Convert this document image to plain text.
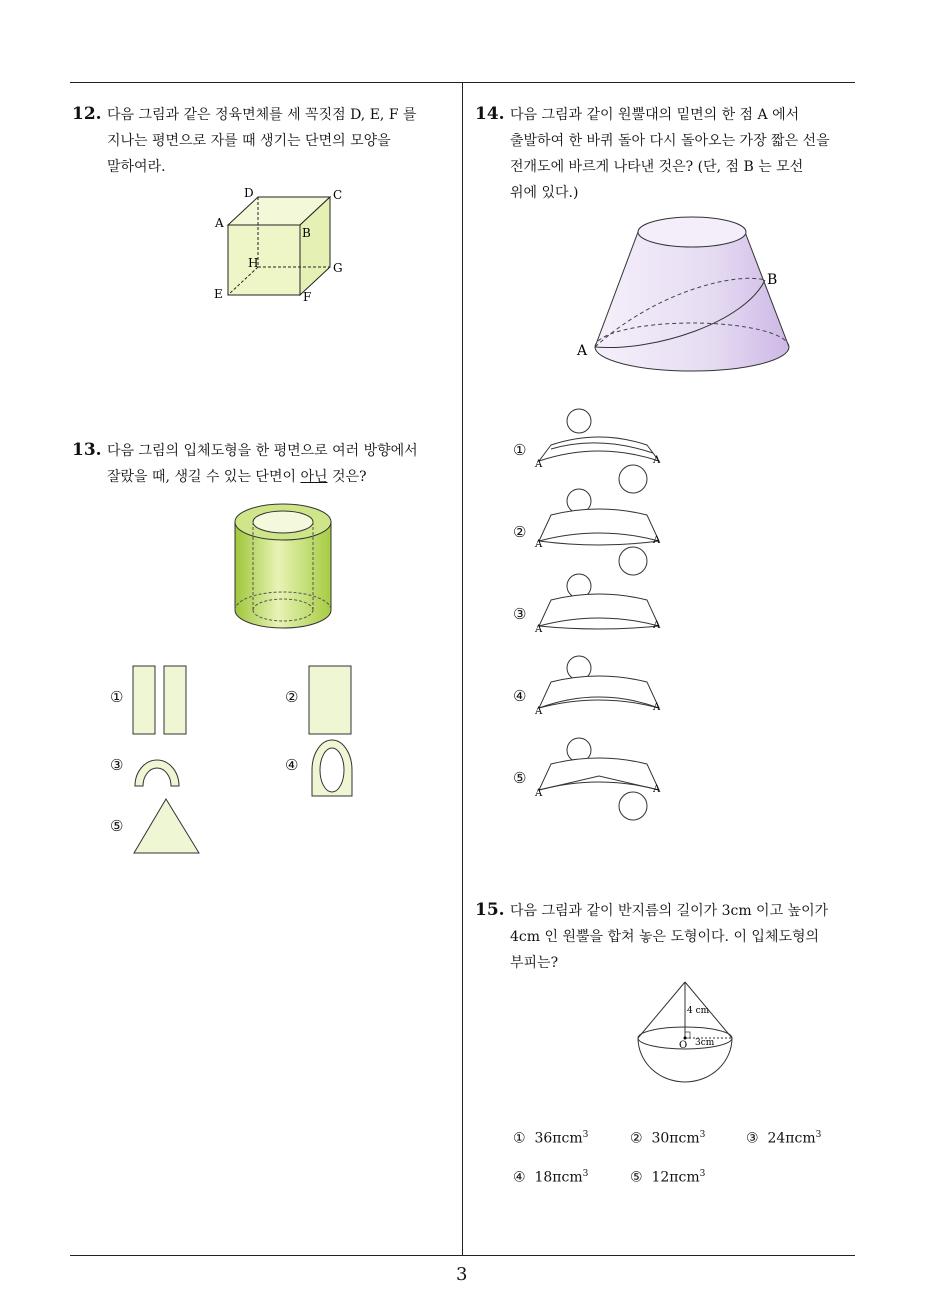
3
12. 다음 그림과 같은 정육면체를 세 꼭짓점 D, E, F 를
지나는 평면으로 자를 때 생기는 단면의 모양을
말하여라.
D	C
A
B
H	G
E	F
13. 다음 그림의 입체도형을 한 평면으로 여러 방향에서
잘랐을 때, 생길 수 있는 단면이 아닌 것은?
①	②
③	④
⑤
14. 다음 그림과 같이 원뿔대의 밑면의 한 점 A 에서
출발하여 한 바퀴 돌아 다시 돌아오는 가장 짧은 선을
전개도에 바르게 나타낸 것은? (단, 점 B 는 모선
위에 있다.)
A
B
①
A	A
②
A	A
③
A	A
④
A	A
⑤
A	A
15. 다음 그림과 같이 반지름의 길이가 3cm 이고 높이가
4cm 인 원뿔을 합쳐 놓은 도형이다. 이 입체도형의
부피는?
4 cm
3cm
O
① 36πcm$^3$	② 30πcm$^3$	③ 24πcm$^3$
④ 18πcm$^3$	⑤ 12πcm$^3$
